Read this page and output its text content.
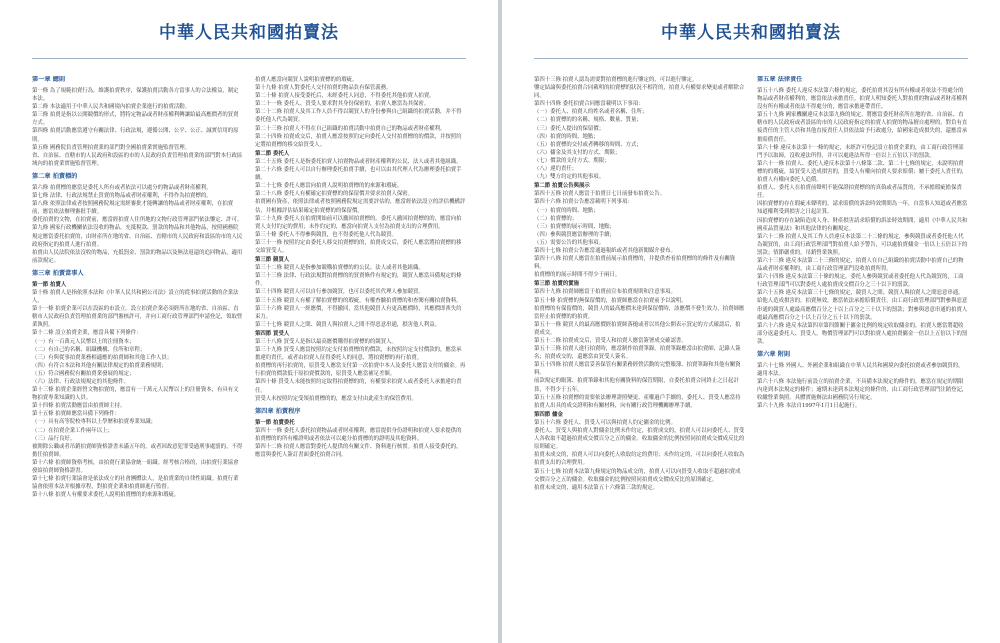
中華人民共和國拍賣法
第一章 總則
第一條 為了規範拍賣行為，維護拍賣秩序，保護拍賣活動各方當事人的合法權益，制定本法。
第二條 本法適用于中華人民共和國境內拍賣企業進行的拍賣活動。
第三條 拍賣是指以公開競價的形式，將特定物品或者財產權利轉讓給最高應價者的買賣方式。
第四條 拍賣活動應當遵守有關法律、行政法規，遵循公開、公平、公正、誠實信用的原則。
第五條 國務院負責管理拍賣業的部門對全國拍賣業實施監督管理。
省、自治區、直轄市的人民政府和設區的市的人民政府負責管理拍賣業的部門對本行政區域內的拍賣業實施監督管理。
第二章 拍賣標的
第六條 拍賣標的應當是委托人所有或者依法可以處分的物品或者財產權利。
第七條 法律、行政法規禁止買賣的物品或者財產權利，不得作為拍賣標的。
第八條 依照法律或者按照國務院規定需經審批才能轉讓的物品或者財產權利，在拍賣前，應當依法辦理審批手續。
委托拍賣的文物，在拍賣前，應當經拍賣人住所地的文物行政管理部門依法鑒定、許可。
第九條 國家行政機關依法沒收的物品，充抵稅款、罰款的物品和其他物品，按照國務院規定應當委托拍賣的，由財產所在地的省、自治區、直轄市的人民政府和設區的市的人民政府指定的拍賣人進行拍賣。
拍賣由人民法院依法沒收的物品，充抵罰金、罰款的物品以及無法返還的追回物品，適用前款規定。
第三章 拍賣當事人
第一節 拍賣人
第十條 拍賣人是指依照本法和《中華人民共和國公司法》設立的從事拍賣活動的企業法人。
第十一條 拍賣企業可以在設區的市設立。設立拍賣企業必須經所在地的省、自治區、直轄市人民政府負責管理拍賣業的部門審核許可，并向工商行政管理部門申請登記，領取營業執照。
第十二條 設立拍賣企業，應當具備下列條件：
（一）有一百萬元人民幣以上的注冊資本；
（二）有自己的名稱、組織機構、住所和章程；
（三）有與從事拍賣業務相適應的拍賣師和其他工作人員；
（四）有符合本法和其他有關法律規定的拍賣業務規則；
（五）符合國務院有關拍賣業發展的規定；
（六）法律、行政法規規定的其他條件。
第十三條 拍賣企業經營文物拍賣的，應當有一千萬元人民幣以上的注冊資本，有具有文物拍賣專業知識的人員。
第十四條 拍賣活動應當由拍賣師主持。
第十五條 拍賣師應當具備下列條件：
（一）具有高等院校專科以上學歷和拍賣專業知識；
（二）在拍賣企業工作兩年以上；
（三）品行良好。
被開除公職或者吊銷拍賣師資格證書未滿五年的，或者因故意犯罪受過刑事處罰的，不得擔任拍賣師。
第十六條 拍賣師資格考核，由拍賣行業協會統一組織。經考核合格的，由拍賣行業協會發給拍賣師資格證書。
第十七條 拍賣行業協會是依法成立的社會團體法人，是拍賣業的自律性組織。拍賣行業協會依照本法并根據章程，對拍賣企業和拍賣師進行監督。
第十八條 拍賣人有權要求委托人說明拍賣標的的來源和瑕疵。
拍賣人應當向競買人說明拍賣標的的瑕疵。
第十九條 拍賣人對委托人交付拍賣的物品負有保管義務。
第二十條 拍賣人接受委托后，未經委托人同意，不得委托其他拍賣人拍賣。
第二十一條 委托人、買受人要求對其身份保密的，拍賣人應當為其保密。
第二十二條 拍賣人及其工作人員不得以競買人的身份參與自己組織的拍賣活動，并不得委托他人代為競買。
第二十三條 拍賣人不得在自己組織的拍賣活動中拍賣自己的物品或者財產權利。
第二十四條 拍賣成交后，拍賣人應當按照約定向委托人交付拍賣標的的價款，并按照約定將拍賣標的移交給買受人。
第二節 委托人
第二十五條 委托人是指委托拍賣人拍賣物品或者財產權利的公民、法人或者其他組織。
第二十六條 委托人可以自行辦理委托拍賣手續，也可以由其代理人代為辦理委托拍賣手續。
第二十七條 委托人應當向拍賣人說明拍賣標的的來源和瑕疵。
第二十八條 委托人有權確定拍賣標的的保留價并要求拍賣人保密。
拍賣國有資產，依照法律或者按照國務院規定需要評估的，應當經依法設立的評估機構評估，并根據評估結果確定拍賣標的的保留價。
第二十九條 委托人在拍賣開始前可以撤回拍賣標的。委托人撤回拍賣標的的，應當向拍賣人支付約定的費用；未作約定的，應當向拍賣人支付為拍賣支出的合理費用。
第三十條 委托人不得參與競買，也不得委托他人代為競買。
第三十一條 按照約定由委托人移交拍賣標的的，拍賣成交后，委托人應當將拍賣標的移交給買受人。
第三節 競買人
第三十二條 競買人是指參加競購拍賣標的的公民、法人或者其他組織。
第三十三條 法律、行政法規對拍賣標的的買賣條件有規定的，競買人應當具備規定的條件。
第三十四條 競買人可以自行參加競買，也可以委托其代理人參加競買。
第三十五條 競買人有權了解拍賣標的的瑕疵，有權查驗拍賣標的和查閱有關拍賣資料。
第三十六條 競買人一經應價，不得撤回，當其他競買人有更高應價時，其應價即喪失約束力。
第三十七條 競買人之間、競買人與拍賣人之間不得惡意串通，損害他人利益。
第四節 買受人
第三十八條 買受人是指以最高應價購得拍賣標的的競買人。
第三十九條 買受人應當按照約定支付拍賣標的的價款，未按照約定支付價款的，應當承擔違約責任，或者由拍賣人征得委托人的同意，將拍賣標的再行拍賣。
拍賣標的再行拍賣的，原買受人應當支付第一次拍賣中本人及委托人應當支付的傭金。再行拍賣的價款低于原拍賣價款的，原買受人應當補足差額。
第四十條 買受人未能按照約定取得拍賣標的的，有權要求拍賣人或者委托人承擔違約責任。
買受人未按照約定受領拍賣標的的，應當支付由此產生的保管費用。
第四章 拍賣程序
第一節 拍賣委托
第四十一條 委托人委托拍賣物品或者財產權利，應當提供身份證明和拍賣人要求提供的拍賣標的的所有權證明或者依法可以處分拍賣標的的證明及其他資料。
第四十二條 拍賣人應當對委托人提供的有關文件、資料進行核實。拍賣人接受委托的，應當與委托人簽訂書面委托拍賣合同。
中華人民共和國拍賣法
第四十三條 拍賣人認為需要對拍賣標的進行鑒定的，可以進行鑒定。
鑒定結論與委托拍賣合同載明的拍賣標的狀況不相符的，拍賣人有權要求變更或者解除合同。
第四十四條 委托拍賣合同應當載明以下事項：
（一）委托人、拍賣人的姓名或者名稱、住所；
（二）拍賣標的的名稱、規格、數量、質量；
（三）委托人提出的保留價；
（四）拍賣的時間、地點；
（五）拍賣標的交付或者轉移的時間、方式；
（六）傭金及其支付的方式、期限；
（七）價款的支付方式、期限；
（八）違約責任；
（九）雙方約定的其他事項。
第二節 拍賣公告與展示
第四十五條 拍賣人應當于拍賣日七日前發布拍賣公告。
第四十六條 拍賣公告應當載明下列事項：
（一）拍賣的時間、地點；
（二）拍賣標的；
（三）拍賣標的展示時間、地點；
（四）參與競買應當辦理的手續；
（五）需要公告的其他事項。
第四十七條 拍賣公告應當通過報紙或者其他新聞媒介發布。
第四十八條 拍賣人應當在拍賣前展示拍賣標的，并提供查看拍賣標的的條件及有關資料。
拍賣標的的展示時間不得少于兩日。
第三節 拍賣的實施
第四十九條 拍賣師應當于拍賣前宣布拍賣規則和注意事項。
第五十條 拍賣標的無保留價的，拍賣師應當在拍賣前予以說明。
拍賣標的有保留價的，競買人的最高應價未達到保留價時，該應價不發生效力，拍賣師應當停止拍賣標的的拍賣。
第五十一條 競買人的最高應價經拍賣師落槌或者以其他公開表示買定的方式確認后，拍賣成交。
第五十二條 拍賣成交后，買受人和拍賣人應當簽署成交確認書。
第五十三條 拍賣人進行拍賣時，應當制作拍賣筆錄。拍賣筆錄應當由拍賣師、記錄人簽名；拍賣成交的，還應當由買受人簽名。
第五十四條 拍賣人應當妥善保管有關業務經營活動的完整賬簿、拍賣筆錄和其他有關資料。
前款規定的賬簿、拍賣筆錄和其他有關資料的保管期限，自委托拍賣合同終止之日起計算，不得少于五年。
第五十五條 拍賣標的需要依法辦理證照變更、產權過戶手續的，委托人、買受人應當持拍賣人出具的成交證明和有關材料，向有關行政管理機關辦理手續。
第四節 傭金
第五十六條 委托人、買受人可以與拍賣人約定傭金的比例。
委托人、買受人與拍賣人對傭金比例未作約定，拍賣成交的，拍賣人可以向委托人、買受人各收取不超過拍賣成交價百分之五的傭金。收取傭金的比例按照同拍賣成交價成反比的原則確定。
拍賣未成交的，拍賣人可以向委托人收取約定的費用；未作約定的，可以向委托人收取為拍賣支出的合理費用。
第五十七條 拍賣本法第九條規定的物品成交的，拍賣人可以向買受人收取不超過拍賣成交價百分之五的傭金。收取傭金的比例按照同拍賣成交價成反比的原則確定。
拍賣未成交的，適用本法第五十六條第三款的規定。
第五章 法律責任
第五十八條 委托人違反本法第六條的規定，委托拍賣其沒有所有權或者依法不得處分的物品或者財產權利的，應當依法承擔責任。拍賣人明知委托人對拍賣的物品或者財產權利沒有所有權或者依法不得處分的，應當承擔連帶責任。
第五十九條 國家機關違反本法第九條的規定，將應當委托財產所在地的省、自治區、直轄市的人民政府或者設區的市的人民政府指定的拍賣人拍賣的物品擅自處理的，對負有直接責任的主管人員和其他直接責任人員依法給予行政處分，給國家造成損失的，還應當承擔賠償責任。
第六十條 違反本法第十一條的規定，未經許可登記設立拍賣企業的，由工商行政管理部門予以取締，沒收違法所得，并可以處違法所得一倍以上五倍以下的罰款。
第六十一條 拍賣人、委托人違反本法第十八條第二款、第二十七條的規定，未說明拍賣標的的瑕疵，給買受人造成損害的，買受人有權向拍賣人要求賠償；屬于委托人責任的，拍賣人有權向委托人追償。
拍賣人、委托人在拍賣前聲明不能保證拍賣標的的真偽或者品質的，不承擔瑕疵擔保責任。
因拍賣標的存在瑕疵未聲明的，請求賠償的訴訟時效期間為一年，自當事人知道或者應當知道權利受到損害之日起計算。
因拍賣標的存在缺陷造成人身、財產損害請求賠償的訴訟時效期間，適用《中華人民共和國產品質量法》和其他法律的有關規定。
第六十二條 拍賣人及其工作人員違反本法第二十二條的規定，參與競買或者委托他人代為競買的，由工商行政管理部門對拍賣人給予警告，可以處拍賣傭金一倍以上五倍以下的罰款；情節嚴重的，吊銷營業執照。
第六十三條 違反本法第二十三條的規定，拍賣人在自己組織的拍賣活動中拍賣自己的物品或者財產權利的，由工商行政管理部門沒收拍賣所得。
第六十四條 違反本法第三十條的規定，委托人參與競買或者委托他人代為競買的，工商行政管理部門可以對委托人處拍賣成交價百分之三十以下的罰款。
第六十五條 違反本法第三十七條的規定，競買人之間、競買人與拍賣人之間惡意串通，給他人造成損害的，拍賣無效，應當依法承擔賠償責任。由工商行政管理部門對參與惡意串通的競買人處最高應價百分之十以上百分之三十以下的罰款；對參與惡意串通的拍賣人處最高應價百分之十以上百分之五十以下的罰款。
第六十六條 違反本法第四章第四節關于傭金比例的規定收取傭金的，拍賣人應當將超收部分返還委托人、買受人。物價管理部門可以對拍賣人處拍賣傭金一倍以上五倍以下的罰款。
第六章 附則
第六十七條 外國人、外國企業和組織在中華人民共和國境內委托拍賣或者參加競買的，適用本法。
第六十八條 本法施行前設立的拍賣企業，不具備本法規定的條件的，應當在規定的期限內達到本法規定的條件；逾期未達到本法規定的條件的，由工商行政管理部門注銷登記，收繳營業執照。具體實施辦法由國務院另行規定。
第六十九條 本法自1997年1月1日起施行。
